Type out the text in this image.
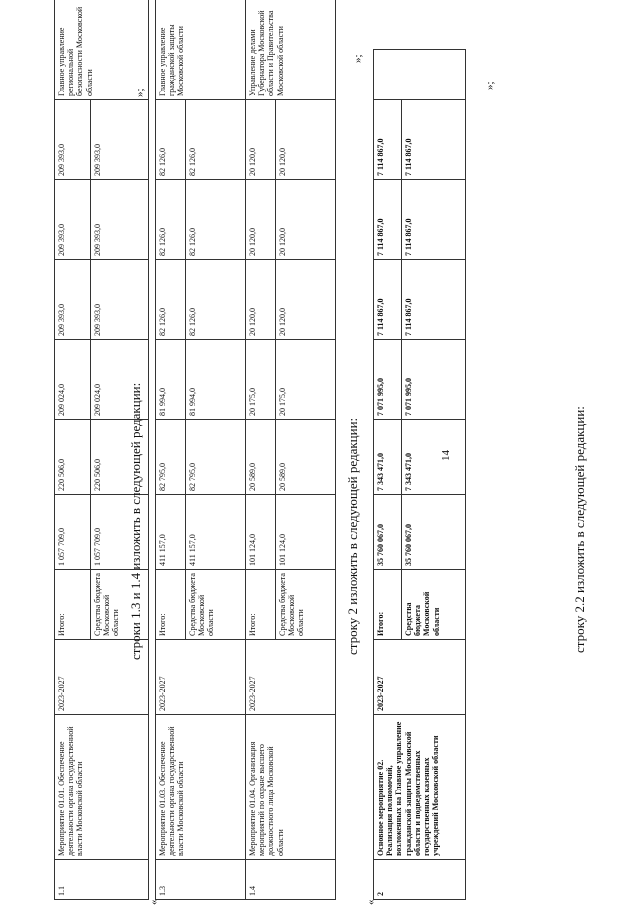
14
1.1	Мероприятие 01.01. Обеспечение деятельности органа государственной власти Московской области	2023-2027	Итого:	1 057 709,0	220 506,0	209 024,0	209 393,0	209 393,0	209 393,0	Главное управление региональной безопасности Московской области
			Средства бюджета Московской области	1 057 709,0	220 506,0	209 024,0	209 393,0	209 393,0	209 393,0	
»;
строки 1.3 и 1.4 изложить в следующей редакции:
«
1.3	Мероприятие 01.03. Обеспечение деятельности органа государственной власти Московской области	2023-2027	Итого:	411 157,0	82 795,0	81 994,0	82 126,0	82 126,0	82 126,0	Главное управление гражданской защиты Московской области
			Средства бюджета Московской области	411 157,0	82 795,0	81 994,0	82 126,0	82 126,0	82 126,0	
1.4	Мероприятие 01.04. Организация мероприятий по охране высшего должностного лица Московской области	2023-2027	Итого:	101 124,0	20 589,0	20 175,0	20 120,0	20 120,0	20 120,0	Управление делами Губернатора Московской области и Правительства Московской области
			Средства бюджета Московской области	101 124,0	20 589,0	20 175,0	20 120,0	20 120,0	20 120,0	
»;
строку 2 изложить в следующей редакции:
«
2	Основное мероприятие 02. Реализация полномочий, возложенных на Главное управление гражданской защиты Московской области и подведомственных государственных казенных учреждений Московской области	2023-2027	Итого:	35 760 067,0	7 343 471,0	7 071 995,0	7 114 867,0	7 114 867,0	7 114 867,0	
			Средства бюджета Московской области	35 760 067,0	7 343 471,0	7 071 995,0	7 114 867,0	7 114 867,0	7 114 867,0	
»;
строку 2.2 изложить в следующей редакции:
